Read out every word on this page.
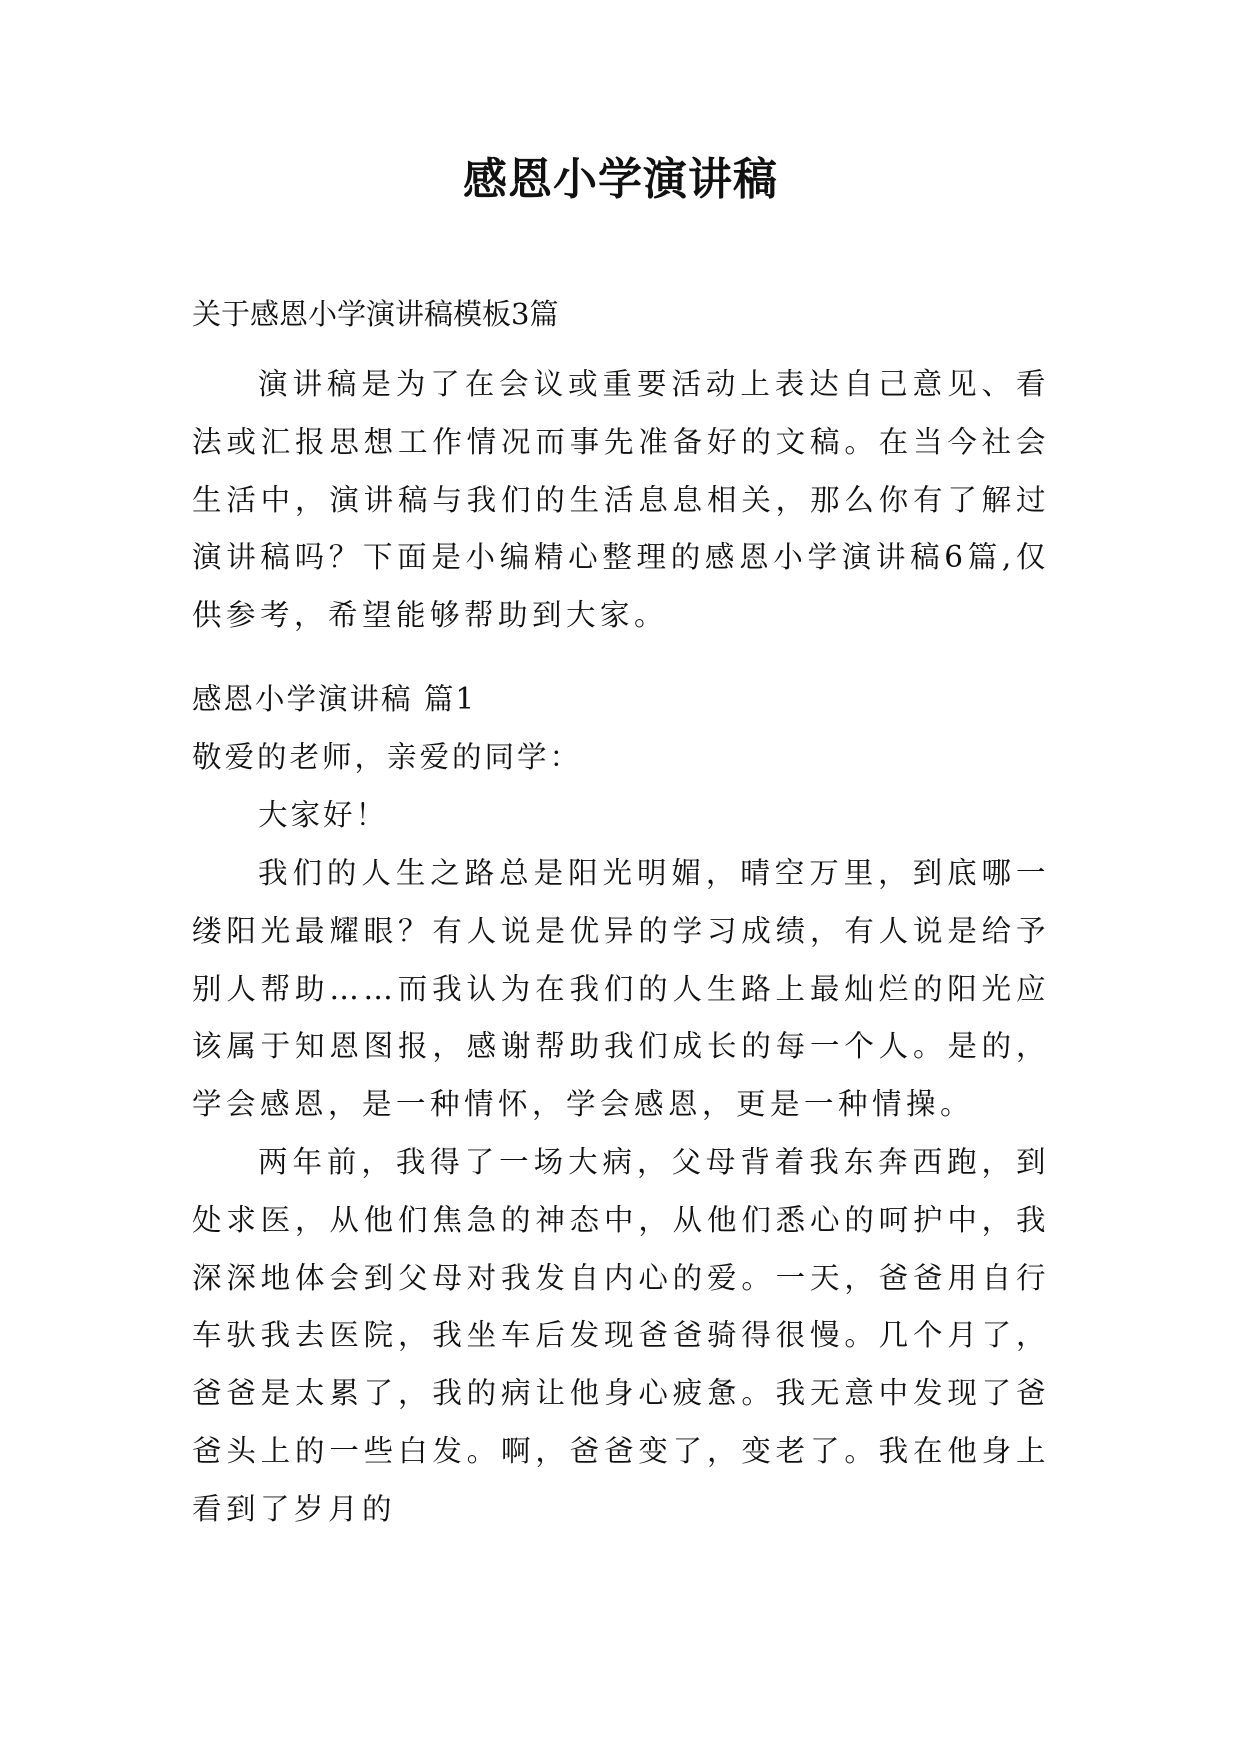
感恩小学演讲稿

关于感恩小学演讲稿模板3篇

演讲稿是为了在会议或重要活动上表达自己意见、看法或汇报思想工作情况而事先准备好的文稿。在当今社会生活中，演讲稿与我们的生活息息相关，那么你有了解过演讲稿吗？下面是小编精心整理的感恩小学演讲稿6篇,仅供参考，希望能够帮助到大家。

感恩小学演讲稿 篇1

敬爱的老师，亲爱的同学：

大家好！

我们的人生之路总是阳光明媚，晴空万里，到底哪一缕阳光最耀眼？有人说是优异的学习成绩，有人说是给予别人帮助……而我认为在我们的人生路上最灿烂的阳光应该属于知恩图报，感谢帮助我们成长的每一个人。是的，学会感恩，是一种情怀，学会感恩，更是一种情操。

两年前，我得了一场大病，父母背着我东奔西跑，到处求医，从他们焦急的神态中，从他们悉心的呵护中，我深深地体会到父母对我发自内心的爱。一天，爸爸用自行车驮我去医院，我坐车后发现爸爸骑得很慢。几个月了，爸爸是太累了，我的病让他身心疲惫。我无意中发现了爸爸头上的一些白发。啊，爸爸变了，变老了。我在他身上看到了岁月的
